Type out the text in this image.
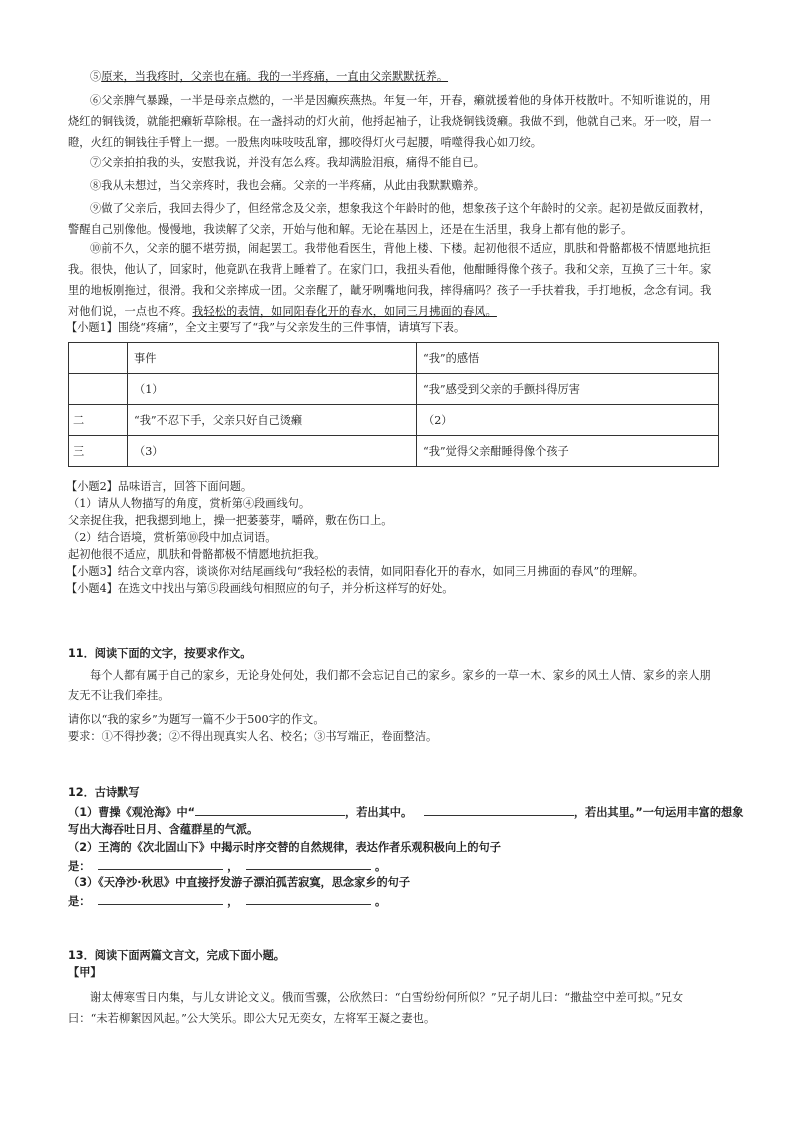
⑤原来，当我疼时，父亲也在痛。我的一半疼痛，一直由父亲默默抚养。

⑥父亲脾气暴躁，一半是母亲点燃的，一半是因癫疾燕热。年复一年，开春，癞就援着他的身体开枝散叶。不知听谁说的，用烧红的铜钱烫，就能把癞斩草除根。在一盏抖动的灯火前，他捋起袖子，让我烧铜钱烫癞。我做不到，他就自己来。牙一咬，眉一瞪，火红的铜钱往手臂上一摁。一股焦肉味吱吱乱窜，挪咬得灯火弓起腰，啃噬得我心如刀绞。

⑦父亲拍拍我的头，安慰我说，并没有怎么疼。我却满脸泪痕，痛得不能自已。

⑧我从未想过，当父亲疼时，我也会痛。父亲的一半疼痛，从此由我默默赡养。

⑨做了父亲后，我回去得少了，但经常念及父亲，想象我这个年龄时的他，想象孩子这个年龄时的父亲。起初是做反面教材，警醒自己别像他。慢慢地，我读解了父亲，开始与他和解。无论在基因上，还是在生活里，我身上都有他的影子。

⑩前不久，父亲的腿不堪劳损，闹起罢工。我带他看医生，背他上楼、下楼。起初他很不适应，肌肤和骨骼都极不情愿地抗拒我。很快，他认了，回家时，他竟趴在我背上睡着了。在家门口，我扭头看他，他酣睡得像个孩子。我和父亲，互换了三十年。家里的地板刚拖过，很滑。我和父亲摔成一团。父亲醒了，龇牙咧嘴地问我，摔得痛吗？孩子一手扶着我，手打地板，念念有词。我对他们说，一点也不疼。我轻松的表情，如同阳春化开的春水，如同三月拂面的春风。

【小题1】围绕“疼痛”，全文主要写了“我”与父亲发生的三件事情，请填写下表。

	事件	“我”的感悟
	（1）	“我”感受到父亲的手颤抖得厉害
二	“我”不忍下手，父亲只好自己烫癞	（2）
三	（3）	“我”觉得父亲酣睡得像个孩子

【小题2】品味语言，回答下面问题。

（1）请从人物描写的角度，赏析第④段画线句。

父亲捉住我，把我摁到地上，操一把萎蒌芽，嚼碎，敷在伤口上。

（2）结合语境，赏析第⑩段中加点词语。

起初他很不适应，肌肤和骨骼都极不情愿地抗拒我。

【小题3】结合文章内容，谈谈你对结尾画线句“我轻松的表情，如同阳春化开的春水，如同三月拂面的春风”的理解。

【小题4】在选文中找出与第⑤段画线句相照应的句子，并分析这样写的好处。

11．阅读下面的文字，按要求作文。

每个人都有属于自己的家乡，无论身处何处，我们都不会忘记自己的家乡。家乡的一草一木、家乡的风土人情、家乡的亲人朋友无不让我们牵挂。

请你以“我的家乡”为题写一篇不少于500字的作文。

要求：①不得抄袭；②不得出现真实人名、校名；③书写端正，卷面整洁。

12．古诗默写

（1）曹操《观沧海》中“	，若出其中。	，若出其里。”一句运用丰富的想象

写出大海吞吐日月、含蕴群星的气派。

（2）王湾的《次北固山下》中揭示时序交替的自然规律，表达作者乐观积极向上的句子

是：	，	。

（3）《天净沙·秋思》中直接抒发游子漂泊孤苦寂寞，思念家乡的句子

是：	，	。

13．阅读下面两篇文言文，完成下面小题。

【甲】

谢太傅寒雪日内集，与儿女讲论文义。俄而雪骤，公欣然曰：“白雪纷纷何所似？”兄子胡儿曰：“撒盐空中差可拟。”兄女曰：“未若柳絮因风起。”公大笑乐。即公大兄无奕女，左将军王凝之妻也。
